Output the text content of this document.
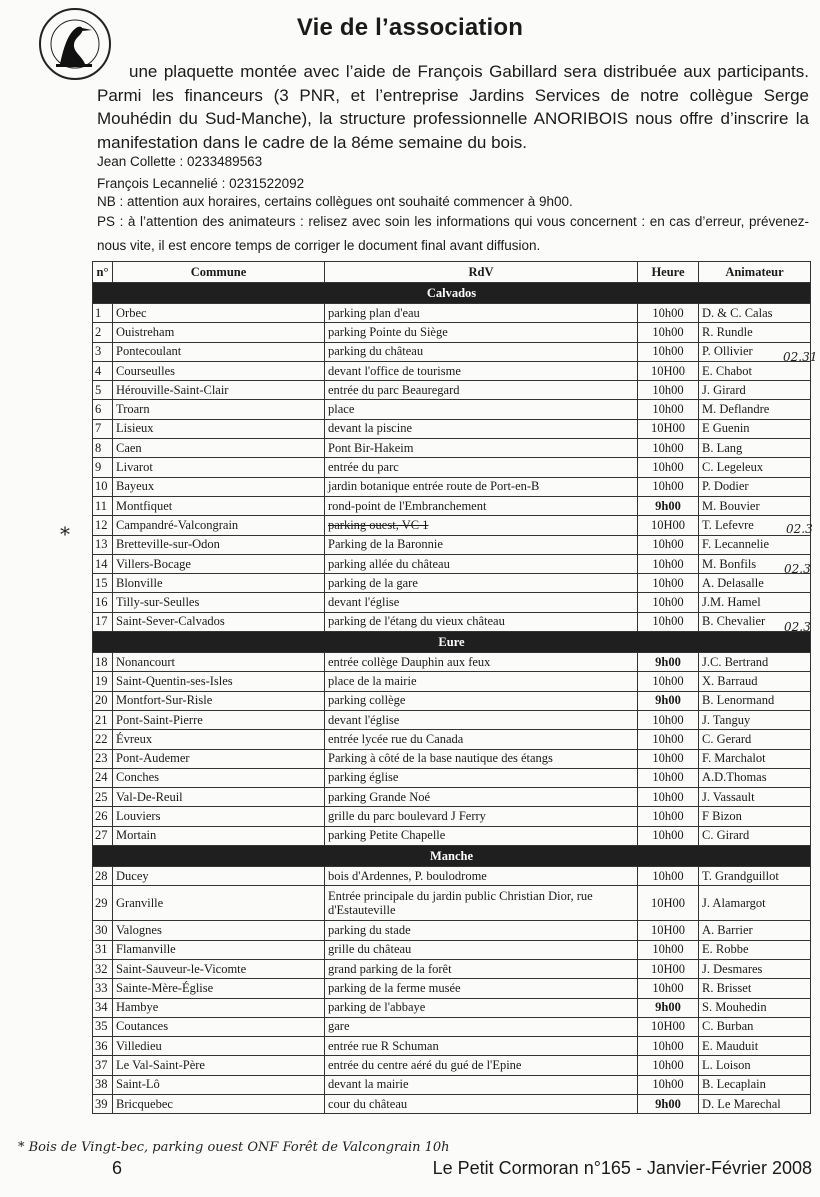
Vie de l’association
une plaquette montée avec l’aide de François Gabillard sera distribuée aux participants. Parmi les financeurs (3 PNR, et l’entreprise Jardins Services de notre collègue Serge Mouhédin du Sud-Manche), la structure professionnelle ANORIBOIS nous offre d’inscrire la manifestation dans le cadre de la 8éme semaine du bois.
Jean Collette : 0233489563
François Lecannelié : 0231522092
NB : attention aux horaires, certains collègues ont souhaité commencer à 9h00.
PS : à l’attention des animateurs : relisez avec soin les informations qui vous concernent : en cas d’erreur, prévenez-nous vite, il est encore temps de corriger le document final avant diffusion.
n°	Commune	RdV	Heure	Animateur
Calvados				
1	Orbec	parking plan d'eau	10h00	D. & C. Calas
2	Ouistreham	parking Pointe du Siège	10h00	R. Rundle
3	Pontecoulant	parking du château	10h00	P. Ollivier
4	Courseulles	devant l'office de tourisme	10H00	E. Chabot
5	Hérouville-Saint-Clair	entrée du parc Beauregard	10h00	J. Girard
6	Troarn	place	10h00	M. Deflandre
7	Lisieux	devant la piscine	10H00	E Guenin
8	Caen	Pont Bir-Hakeim	10h00	B. Lang
9	Livarot	entrée du parc	10h00	C. Legeleux
10	Bayeux	jardin botanique entrée route de Port-en-B	10h00	P. Dodier
11	Montfiquet	rond-point de l'Embranchement	9h00	M. Bouvier
12	Campandré-Valcongrain	parking ouest, VC 1	10H00	T. Lefevre
13	Bretteville-sur-Odon	Parking de la Baronnie	10h00	F. Lecannelie
14	Villers-Bocage	parking allée du château	10h00	M. Bonfils
15	Blonville	parking de la gare	10h00	A. Delasalle
16	Tilly-sur-Seulles	devant l'église	10h00	J.M. Hamel
17	Saint-Sever-Calvados	parking de l'étang du vieux château	10h00	B. Chevalier
Eure				
18	Nonancourt	entrée collège Dauphin aux feux	9h00	J.C. Bertrand
19	Saint-Quentin-ses-Isles	place de la mairie	10h00	X. Barraud
20	Montfort-Sur-Risle	parking collège	9h00	B. Lenormand
21	Pont-Saint-Pierre	devant l'église	10h00	J. Tanguy
22	Évreux	entrée lycée rue du Canada	10h00	C. Gerard
23	Pont-Audemer	Parking à côté de la base nautique des étangs	10h00	F. Marchalot
24	Conches	parking église	10h00	A.D.Thomas
25	Val-De-Reuil	parking Grande Noé	10h00	J. Vassault
26	Louviers	grille du parc boulevard J Ferry	10h00	F Bizon
27	Mortain	parking Petite Chapelle	10h00	C. Girard
Manche				
28	Ducey	bois d'Ardennes, P. boulodrome	10h00	T. Grandguillot
29	Granville	Entrée principale du jardin public Christian Dior, rue d'Estauteville	10H00	J. Alamargot
30	Valognes	parking du stade	10H00	A. Barrier
31	Flamanville	grille du château	10h00	E. Robbe
32	Saint-Sauveur-le-Vicomte	grand parking de la forêt	10H00	J. Desmares
33	Sainte-Mère-Église	parking de la ferme musée	10h00	R. Brisset
34	Hambye	parking de l'abbaye	9h00	S. Mouhedin
35	Coutances	gare	10H00	C. Burban
36	Villedieu	entrée rue R Schuman	10h00	E. Mauduit
37	Le Val-Saint-Père	entrée du centre aéré du gué de l'Epine	10h00	L. Loison
38	Saint-Lô	devant la mairie	10h00	B. Lecaplain
39	Bricquebec	cour du château	9h00	D. Le Marechal
*
02.31
02.3
02.3
02.3
* Bois de Vingt-bec, parking ouest ONF Forêt de Valcongrain 10h
6	Le Petit Cormoran n°165 - Janvier-Février 2008
